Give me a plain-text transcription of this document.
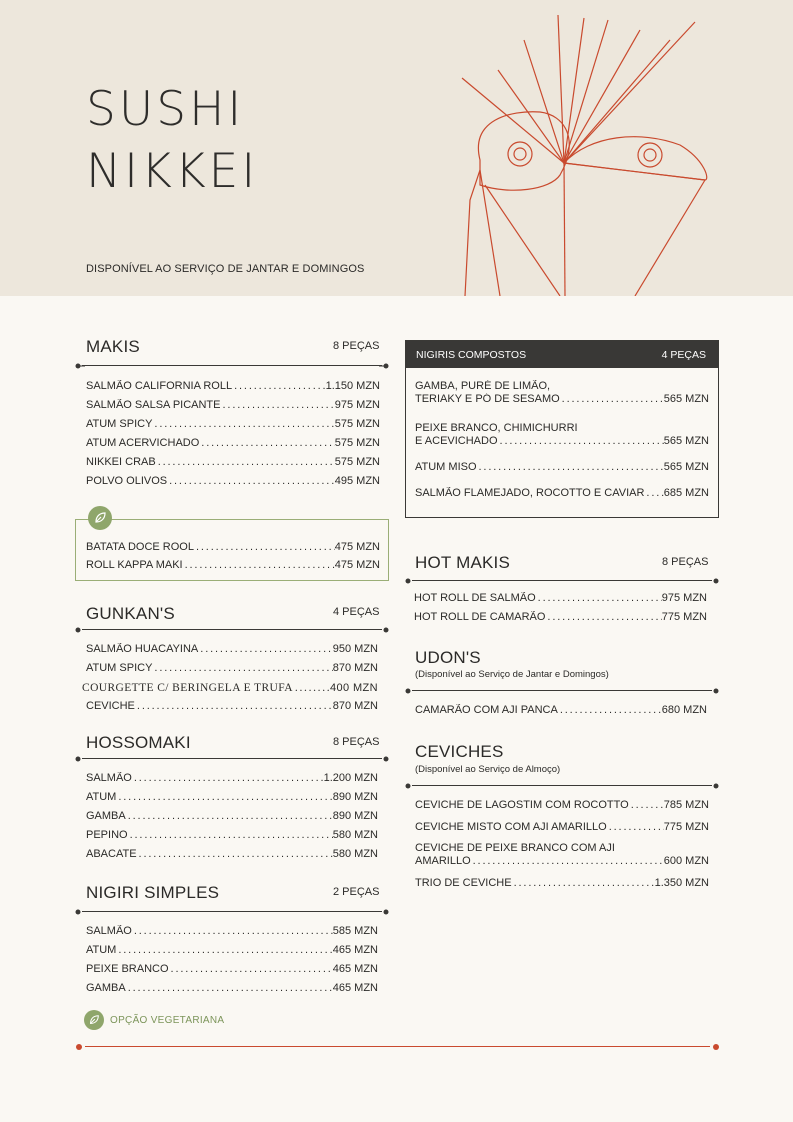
SUSHI
NIKKEI
DISPONÍVEL AO SERVIÇO DE JANTAR E DOMINGOS
MAKIS	8 PEÇAS
SALMÃO CALIFORNIA ROLL . . .	1.150 MZN
SALMÃO SALSA PICANTE . . .	975 MZN
ATUM SPICY . . .	575 MZN
ATUM ACERVICHADO . . .	575 MZN
NIKKEI CRAB . . .	575 MZN
POLVO OLIVOS . . .	495 MZN
BATATA DOCE ROOL . . .	475 MZN
ROLL KAPPA MAKI . . .	475 MZN
GUNKAN'S	4 PEÇAS
SALMÃO HUACAYINA . . .	950 MZN
ATUM SPICY . . .	870 MZN
COURGETTE C/ BERINGELA E TRUFA . . .	400 MZN
CEVICHE . . .	870 MZN
HOSSOMAKI	8 PEÇAS
SALMÃO . . .	1.200 MZN
ATUM . . .	890 MZN
GAMBA . . .	890 MZN
PEPINO . . .	580 MZN
ABACATE . . .	580 MZN
NIGIRI SIMPLES	2 PEÇAS
SALMÃO . . .	585 MZN
ATUM . . .	465 MZN
PEIXE BRANCO . . .	465 MZN
GAMBA . . .	465 MZN
OPÇÃO VEGETARIANA
NIGIRIS COMPOSTOS	4 PEÇAS
GAMBA, PURÉ DE LIMÃO,
TERIAKY E PÓ DE SESAMO . . .	565 MZN
PEIXE BRANCO, CHIMICHURRI
E ACEVICHADO . . .	565 MZN
ATUM MISO . . .	565 MZN
SALMÃO FLAMEJADO, ROCOTTO E CAVIAR . . . 685 MZN
HOT MAKIS	8 PEÇAS
HOT ROLL DE SALMÃO . . .	975 MZN
HOT ROLL DE CAMARÃO . . .	775 MZN
UDON'S
(Disponível ao Serviço de Jantar e Domingos)
CAMARÃO COM AJI PANCA . . .	680 MZN
CEVICHES
(Disponível ao Serviço de Almoço)
CEVICHE DE LAGOSTIM COM ROCOTTO . . .	785 MZN
CEVICHE MISTO COM AJI AMARILLO . . .	775 MZN
CEVICHE DE PEIXE BRANCO COM AJI
AMARILLO . . .	600 MZN
TRIO DE CEVICHE . . .	1.350 MZN
